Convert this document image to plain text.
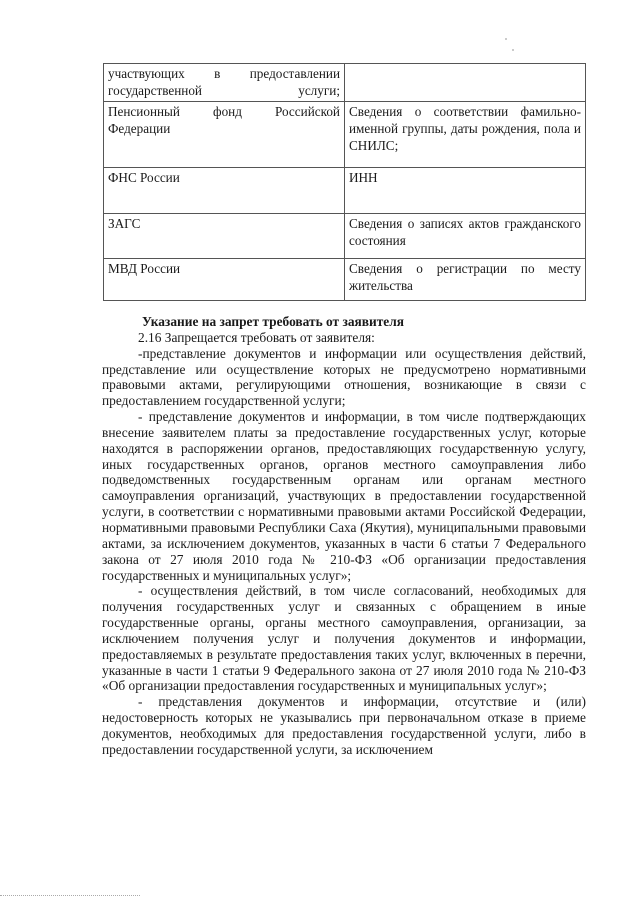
участвующих в предоставлении государственной услуги;	
Пенсионный фонд Российской Федерации	Сведения о соответствии фамильно-именной группы, даты рождения, пола и СНИЛС;
ФНС России	ИНН
ЗАГС	Сведения о записях актов гражданского состояния
МВД России	Сведения о регистрации по месту жительства

Указание на запрет требовать от заявителя

2.16 Запрещается требовать от заявителя:

-представление документов и информации или осуществления действий, представление или осуществление которых не предусмотрено нормативными правовыми актами, регулирующими отношения, возникающие в связи с предоставлением государственной услуги;

- представление документов и информации, в том числе подтверждающих внесение заявителем платы за предоставление государственных услуг, которые находятся в распоряжении органов, предоставляющих государственную услугу, иных государственных органов, органов местного самоуправления либо подведомственных государственным органам или органам местного самоуправления организаций, участвующих в предоставлении государственной услуги, в соответствии с нормативными правовыми актами Российской Федерации, нормативными правовыми Республики Саха (Якутия), муниципальными правовыми актами, за исключением документов, указанных в части 6 статьи 7 Федерального закона от 27 июля 2010 года № 210-ФЗ «Об организации предоставления государственных и муниципальных услуг»;

- осуществления действий, в том числе согласований, необходимых для получения государственных услуг и связанных с обращением в иные государственные органы, органы местного самоуправления, организации, за исключением получения услуг и получения документов и информации, предоставляемых в результате предоставления таких услуг, включенных в перечни, указанные в части 1 статьи 9 Федерального закона от 27 июля 2010 года № 210-ФЗ «Об организации предоставления государственных и муниципальных услуг»;

- представления документов и информации, отсутствие и (или) недостоверность которых не указывались при первоначальном отказе в приеме документов, необходимых для предоставления государственной услуги, либо в предоставлении государственной услуги, за исключением
